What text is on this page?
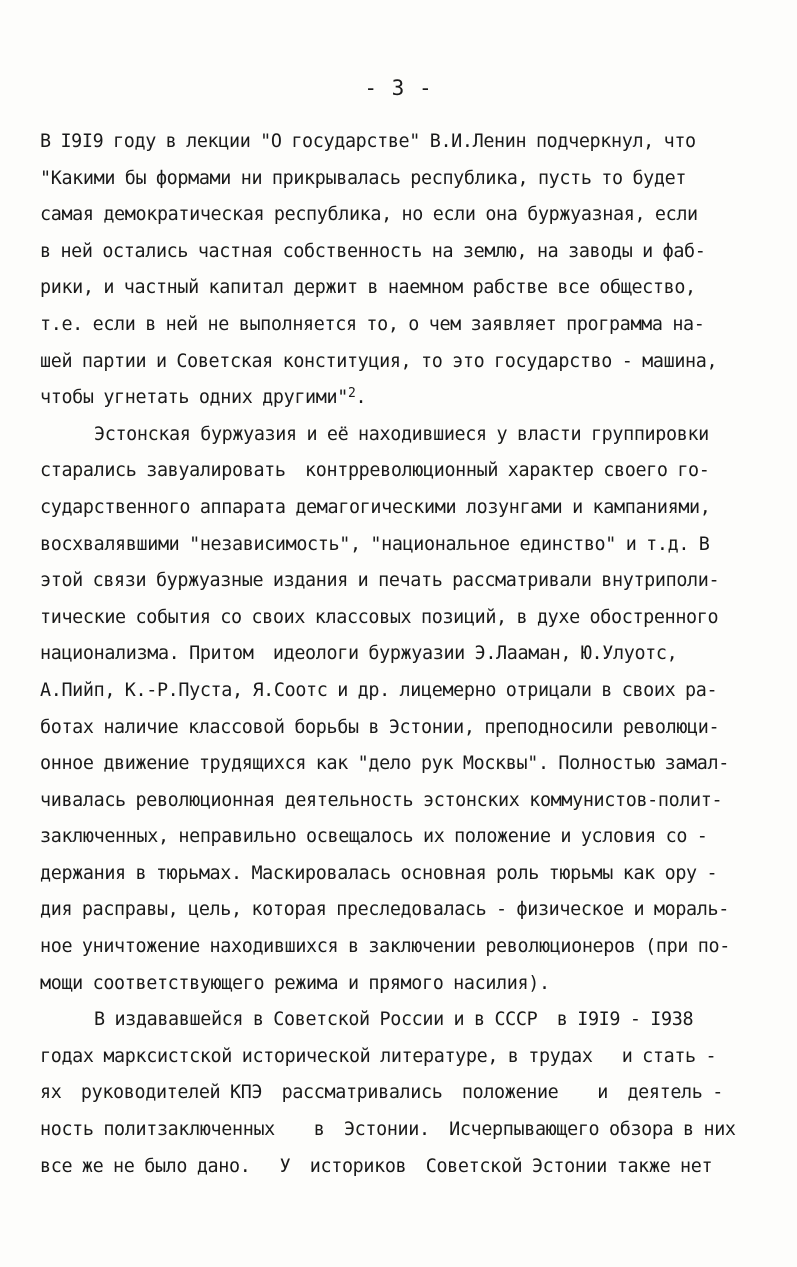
- 3 -
В I9I9 году в лекции "О государстве" В.И.Ленин подчеркнул, что
"Какими бы формами ни прикрывалась республика, пусть то будет
самая демократическая республика, но если она буржуазная, если
в ней остались частная собственность на землю, на заводы и фаб-
рики, и частный капитал держит в наемном рабстве все общество,
т.е. если в ней не выполняется то, о чем заявляет программа на-
шей партии и Советская конституция, то это государство - машина,
чтобы угнетать одних другими"$^2$.
Эстонская буржуазия и её находившиеся у власти группировки
старались завуалировать  контрреволюционный характер своего го-
сударственного аппарата демагогическими лозунгами и кампаниями,
восхвалявшими "независимость", "национальное единство" и т.д. В
этой связи буржуазные издания и печать рассматривали внутрипoли-
тические события со своих классовых позиций, в духе обостренного
национализма. Притом  идеологи буржуазии Э.Лааман, Ю.Улуотс,
А.Пийп, К.-Р.Пуста, Я.Соотс и др. лицемерно отрицали в своих ра-
ботах наличие классовой борьбы в Эстонии, преподносили революци-
онное движение трудящихся как "дело рук Москвы". Полностью замал-
чивалась революционная деятельность эстонских коммунистов-полит-
заключенных, неправильно освещалось их положение и условия со -
держания в тюрьмах. Маскировалась основная роль тюрьмы как ору -
дия расправы, цель, которая преследовалась - физическое и мораль-
ное уничтожение находившихся в заключении революционеров (при по-
мощи соответствующего режима и прямого насилия).
В издававшейся в Советской России и в СССР  в I9I9 - I938
годах марксистской исторической литературе, в трудах   и стать -
ях  руководителей КПЭ  рассматривались  положение    и  деятель -
ность политзаключенных    в  Эстонии.  Исчерпывающего обзора в них
все же не было дано.   У  историков  Советской Эстонии также нет
